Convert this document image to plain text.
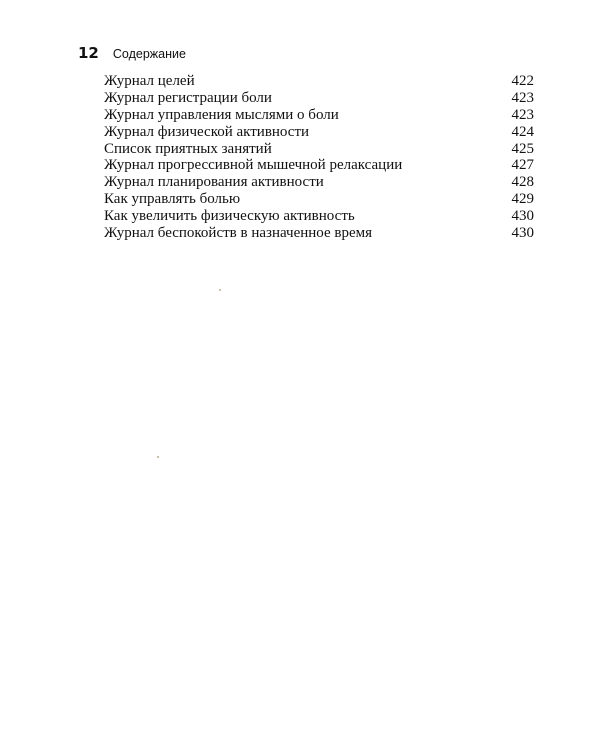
12 Содержание
Журнал целей	422
Журнал регистрации боли	423
Журнал управления мыслями о боли	423
Журнал физической активности	424
Список приятных занятий	425
Журнал прогрессивной мышечной релаксации	427
Журнал планирования активности	428
Как управлять болью	429
Как увеличить физическую активность	430
Журнал беспокойств в назначенное время	430
